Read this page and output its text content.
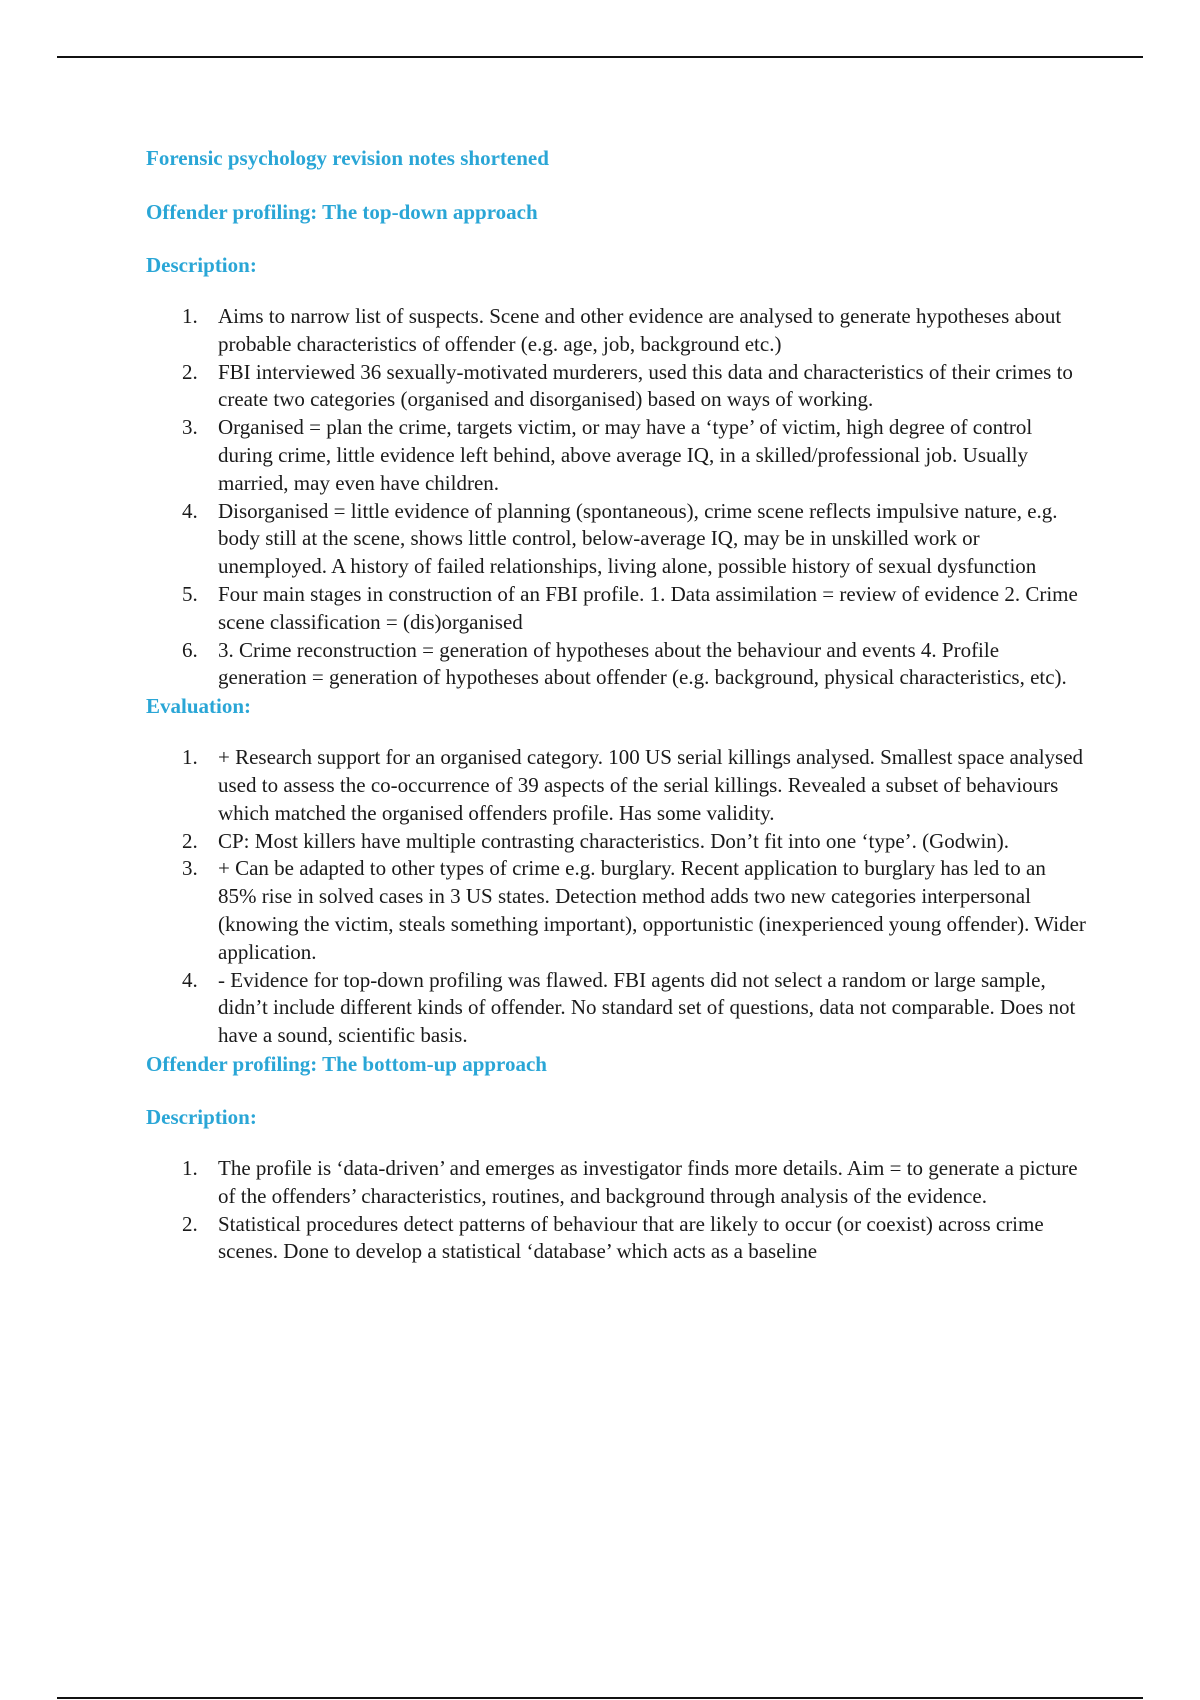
Forensic psychology revision notes shortened

Offender profiling: The top-down approach

Description:

1. Aims to narrow list of suspects. Scene and other evidence are analysed to generate hypotheses about probable characteristics of offender (e.g. age, job, background etc.)
2. FBI interviewed 36 sexually-motivated murderers, used this data and characteristics of their crimes to create two categories (organised and disorganised) based on ways of working.
3. Organised = plan the crime, targets victim, or may have a ‘type’ of victim, high degree of control during crime, little evidence left behind, above average IQ, in a skilled/professional job. Usually married, may even have children.
4. Disorganised = little evidence of planning (spontaneous), crime scene reflects impulsive nature, e.g. body still at the scene, shows little control, below-average IQ, may be in unskilled work or unemployed. A history of failed relationships, living alone, possible history of sexual dysfunction
5. Four main stages in construction of an FBI profile. 1. Data assimilation = review of evidence 2. Crime scene classification = (dis)organised
6. 3. Crime reconstruction = generation of hypotheses about the behaviour and events 4. Profile generation = generation of hypotheses about offender (e.g. background, physical characteristics, etc).

Evaluation:

1. + Research support for an organised category. 100 US serial killings analysed. Smallest space analysed used to assess the co-occurrence of 39 aspects of the serial killings. Revealed a subset of behaviours which matched the organised offenders profile. Has some validity.
2. CP: Most killers have multiple contrasting characteristics. Don’t fit into one ‘type’. (Godwin).
3. + Can be adapted to other types of crime e.g. burglary. Recent application to burglary has led to an 85% rise in solved cases in 3 US states. Detection method adds two new categories interpersonal (knowing the victim, steals something important), opportunistic (inexperienced young offender). Wider application.
4. - Evidence for top-down profiling was flawed. FBI agents did not select a random or large sample, didn’t include different kinds of offender. No standard set of questions, data not comparable. Does not have a sound, scientific basis.

Offender profiling: The bottom-up approach

Description:

1. The profile is ‘data-driven’ and emerges as investigator finds more details. Aim = to generate a picture of the offenders’ characteristics, routines, and background through analysis of the evidence.
2. Statistical procedures detect patterns of behaviour that are likely to occur (or coexist) across crime scenes. Done to develop a statistical ‘database’ which acts as a baseline
